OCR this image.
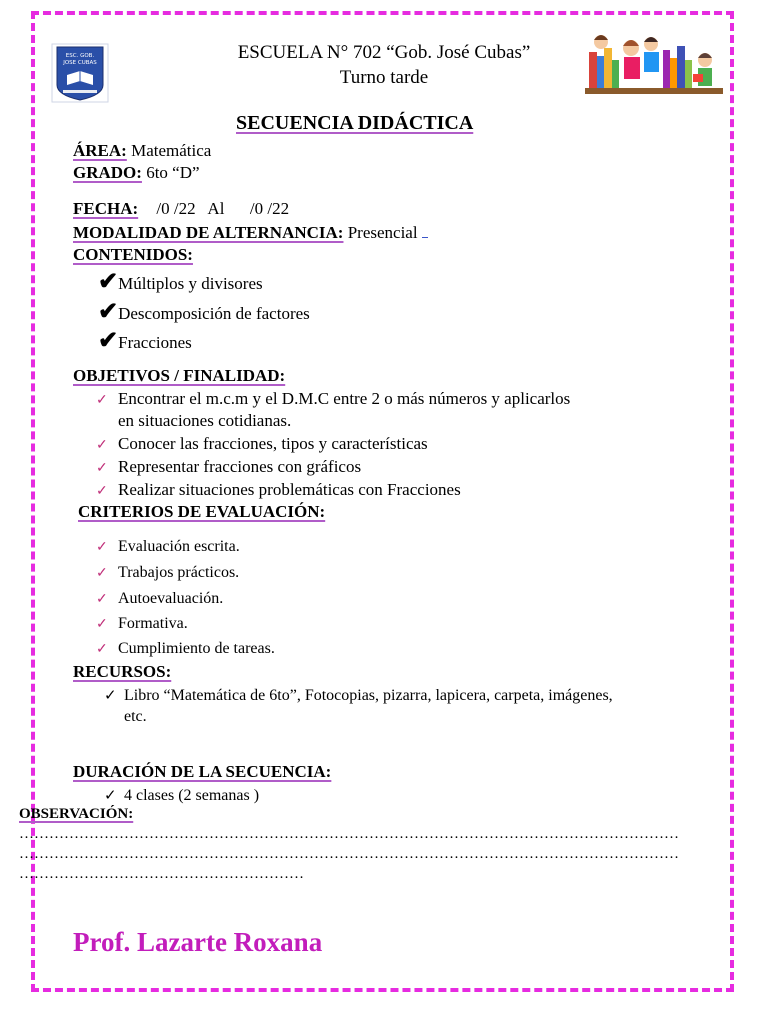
ESC. GOB.
JOSE CUBAS	ESCUELA N° 702 “Gob. José Cubas”
Turno tarde
SECUENCIA DIDÁCTICA
ÁREA: Matemática
GRADO: 6to “D”
FECHA: /0 /22   Al      /0 /22
MODALIDAD DE ALTERNANCIA: Presencial
CONTENIDOS:
✔Múltiplos y divisores
✔Descomposición de factores
✔Fracciones
OBJETIVOS / FINALIDAD:
✓ Encontrar el m.c.m y el D.M.C entre 2 o más números y aplicarlos
en situaciones cotidianas.
✓ Conocer las fracciones, tipos y características
✓ Representar fracciones con gráficos
✓ Realizar situaciones problemáticas con Fracciones
CRITERIOS DE EVALUACIÓN:
✓ Evaluación escrita.
✓ Trabajos prácticos.
✓ Autoevaluación.
✓ Formativa.
✓ Cumplimiento de tareas.
RECURSOS:
✓ Libro “Matemática de 6to”, Fotocopias, pizarra, lapicera, carpeta, imágenes,
etc.
DURACIÓN DE LA SECUENCIA:
✓ 4 clases (2 semanas )
OBSERVACIÓN:
……………………………………………………………………………………………………………………
……………………………………………………………………………………………………………………
…………………………………………………
Prof. Lazarte Roxana
